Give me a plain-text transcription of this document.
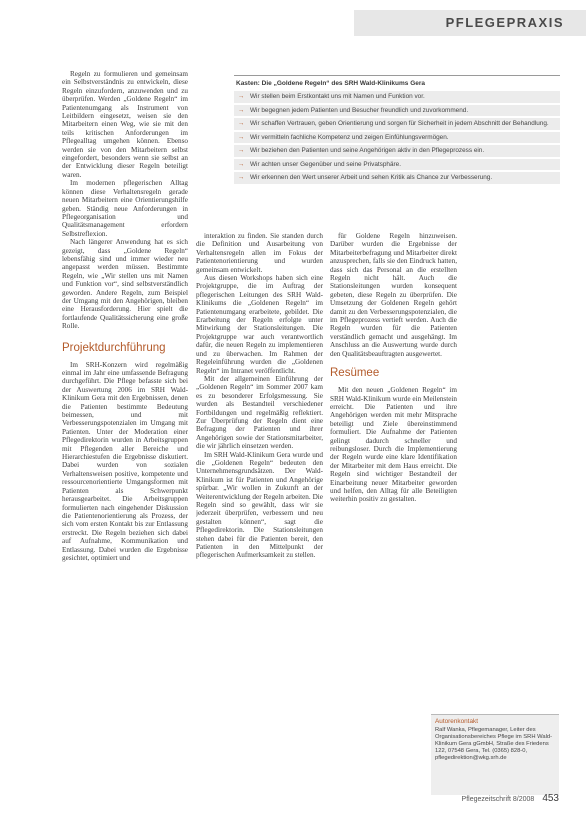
PFLEGEPRAXIS

Regeln zu formulieren und gemeinsam ein Selbstverständnis zu entwickeln, diese Regeln einzufordern, anzuwenden und zu überprüfen. Werden „Goldene Regeln“ im Patientenumgang als Instrument von Leitbildern eingesetzt, weisen sie den Mitarbeitern einen Weg, wie sie mit den teils kritischen Anforderungen im Pflegealltag umgehen können. Ebenso werden sie von den Mitarbeitern selbst eingefordert, besonders wenn sie selbst an der Entwicklung dieser Regeln beteiligt waren.

Im modernen pflegerischen Alltag können diese Verhaltensregeln gerade neuen Mitarbeitern eine Orientierungshilfe geben. Ständig neue Anforderungen in Pflegeorganisation und Qualitätsmanagement erfordern Selbstreflexion.

Nach längerer Anwendung hat es sich gezeigt, dass „Goldene Regeln“ lebensfähig sind und immer wieder neu angepasst werden müssen. Bestimmte Regeln, wie „Wir stellen uns mit Namen und Funktion vor“, sind selbstverständlich geworden. Andere Regeln, zum Beispiel der Umgang mit den Angehörigen, bleiben eine Herausforderung. Hier spielt die fortlaufende Qualitätssicherung eine große Rolle.

Projektdurchführung

Im SRH-Konzern wird regelmäßig einmal im Jahr eine umfassende Befragung durchgeführt. Die Pflege befasste sich bei der Auswertung 2006 im SRH Wald-Klinikum Gera mit den Ergebnissen, denen die Patienten bestimmte Bedeutung beimessen, und mit Verbesserungspotenzialen im Umgang mit Patienten. Unter der Moderation einer Pflegedirektorin wurden in Arbeitsgruppen mit Pflegenden aller Bereiche und Hierarchiestufen die Ergebnisse diskutiert. Dabei wurden von sozialen Verhaltensweisen positive, kompetente und ressourcenorientierte Umgangsformen mit Patienten als Schwerpunkt herausgearbeitet. Die Arbeitsgruppen formulierten nach eingehender Diskussion die Patientenorientierung als Prozess, der sich vom ersten Kontakt bis zur Entlassung erstreckt. Die Regeln beziehen sich dabei auf Aufnahme, Kommunikation und Entlassung. Dabei wurden die Ergebnisse gesichtet, optimiert und

Kasten: Die „Goldene Regeln“ des SRH Wald-Klinikums Gera
→ Wir stellen beim Erstkontakt uns mit Namen und Funktion vor.
→ Wir begegnen jedem Patienten und Besucher freundlich und zuvorkommend.
→ Wir schaffen Vertrauen, geben Orientierung und sorgen für Sicherheit in jedem Abschnitt der Behandlung.
→ Wir vermitteln fachliche Kompetenz und zeigen Einfühlungsvermögen.
→ Wir beziehen den Patienten und seine Angehörigen aktiv in den Pflegeprozess ein.
→ Wir achten unser Gegenüber und seine Privatsphäre.
→ Wir erkennen den Wert unserer Arbeit und sehen Kritik als Chance zur Verbesserung.

interaktion zu finden. Sie standen durch die Definition und Ausarbeitung von Verhaltensregeln allen im Fokus der Patientenorientierung und wurden gemeinsam entwickelt.

Aus diesen Workshops haben sich eine Projektgruppe, die im Auftrag der pflegerischen Leitungen des SRH Wald-Klinikums die „Goldenen Regeln“ im Patientenumgang erarbeitete, gebildet. Die Erarbeitung der Regeln erfolgte unter Mitwirkung der Stationsleitungen. Die Projektgruppe war auch verantwortlich dafür, die neuen Regeln zu implementieren und zu überwachen. Im Rahmen der Regeleinführung wurden die „Goldenen Regeln“ im Intranet veröffentlicht.

Mit der allgemeinen Einführung der „Goldenen Regeln“ im Sommer 2007 kam es zu besonderer Erfolgsmessung. Sie wurden als Bestandteil verschiedener Fortbildungen und regelmäßig reflektiert. Zur Überprüfung der Regeln dient eine Befragung der Patienten und ihrer Angehörigen sowie der Stationsmitarbeiter, die wir jährlich einsetzen werden.

Im SRH Wald-Klinikum Gera wurde und die „Goldenen Regeln“ bedeuten den Unternehmensgrundsätzen. Der Wald-Klinikum ist für Patienten und Angehörige spürbar. „Wir wollen in Zukunft an der Weiterentwicklung der Regeln arbeiten. Die Regeln sind so gewählt, dass wir sie jederzeit überprüfen, verbessern und neu gestalten können“, sagt die Pflegedirektorin. Die Stationsleitungen stehen dabei für die Patienten bereit, den Patienten in den Mittelpunkt der pflegerischen Aufmerksamkeit zu stellen.

für Goldene Regeln hinzuweisen. Darüber wurden die Ergebnisse der Mitarbeiterbefragung und Mitarbeiter direkt anzusprechen, falls sie den Eindruck hatten, dass sich das Personal an die erstellten Regeln nicht hält. Auch die Stationsleitungen wurden konsequent gebeten, diese Regeln zu überprüfen. Die Umsetzung der Goldenen Regeln gehört damit zu den Verbesserungspotenzialen, die im Pflegeprozess vertieft werden. Auch die Regeln wurden für die Patienten verständlich gemacht und ausgehängt. Im Anschluss an die Auswertung wurde durch den Qualitätsbeauftragten ausgewertet.

Resümee

Mit den neuen „Goldenen Regeln“ im SRH Wald-Klinikum wurde ein Meilenstein erreicht. Die Patienten und ihre Angehörigen werden mit mehr Mitsprache beteiligt und Ziele übereinstimmend formuliert. Die Aufnahme der Patienten gelingt dadurch schneller und reibungsloser. Durch die Implementierung der Regeln wurde eine klare Identifikation der Mitarbeiter mit dem Haus erreicht. Die Regeln sind wichtiger Bestandteil der Einarbeitung neuer Mitarbeiter geworden und helfen, den Alltag für alle Beteiligten weiterhin positiv zu gestalten.

Autorenkontakt
Ralf Wanka, Pflegemanager, Leiter des Organisationsbereiches Pflege im SRH Wald-Klinikum Gera gGmbH, Straße des Friedens 122, 07548 Gera, Tel. (0365) 828-0, pflegedirektion@wkg.srh.de
Pflegezeitschrift 8/2008 453
